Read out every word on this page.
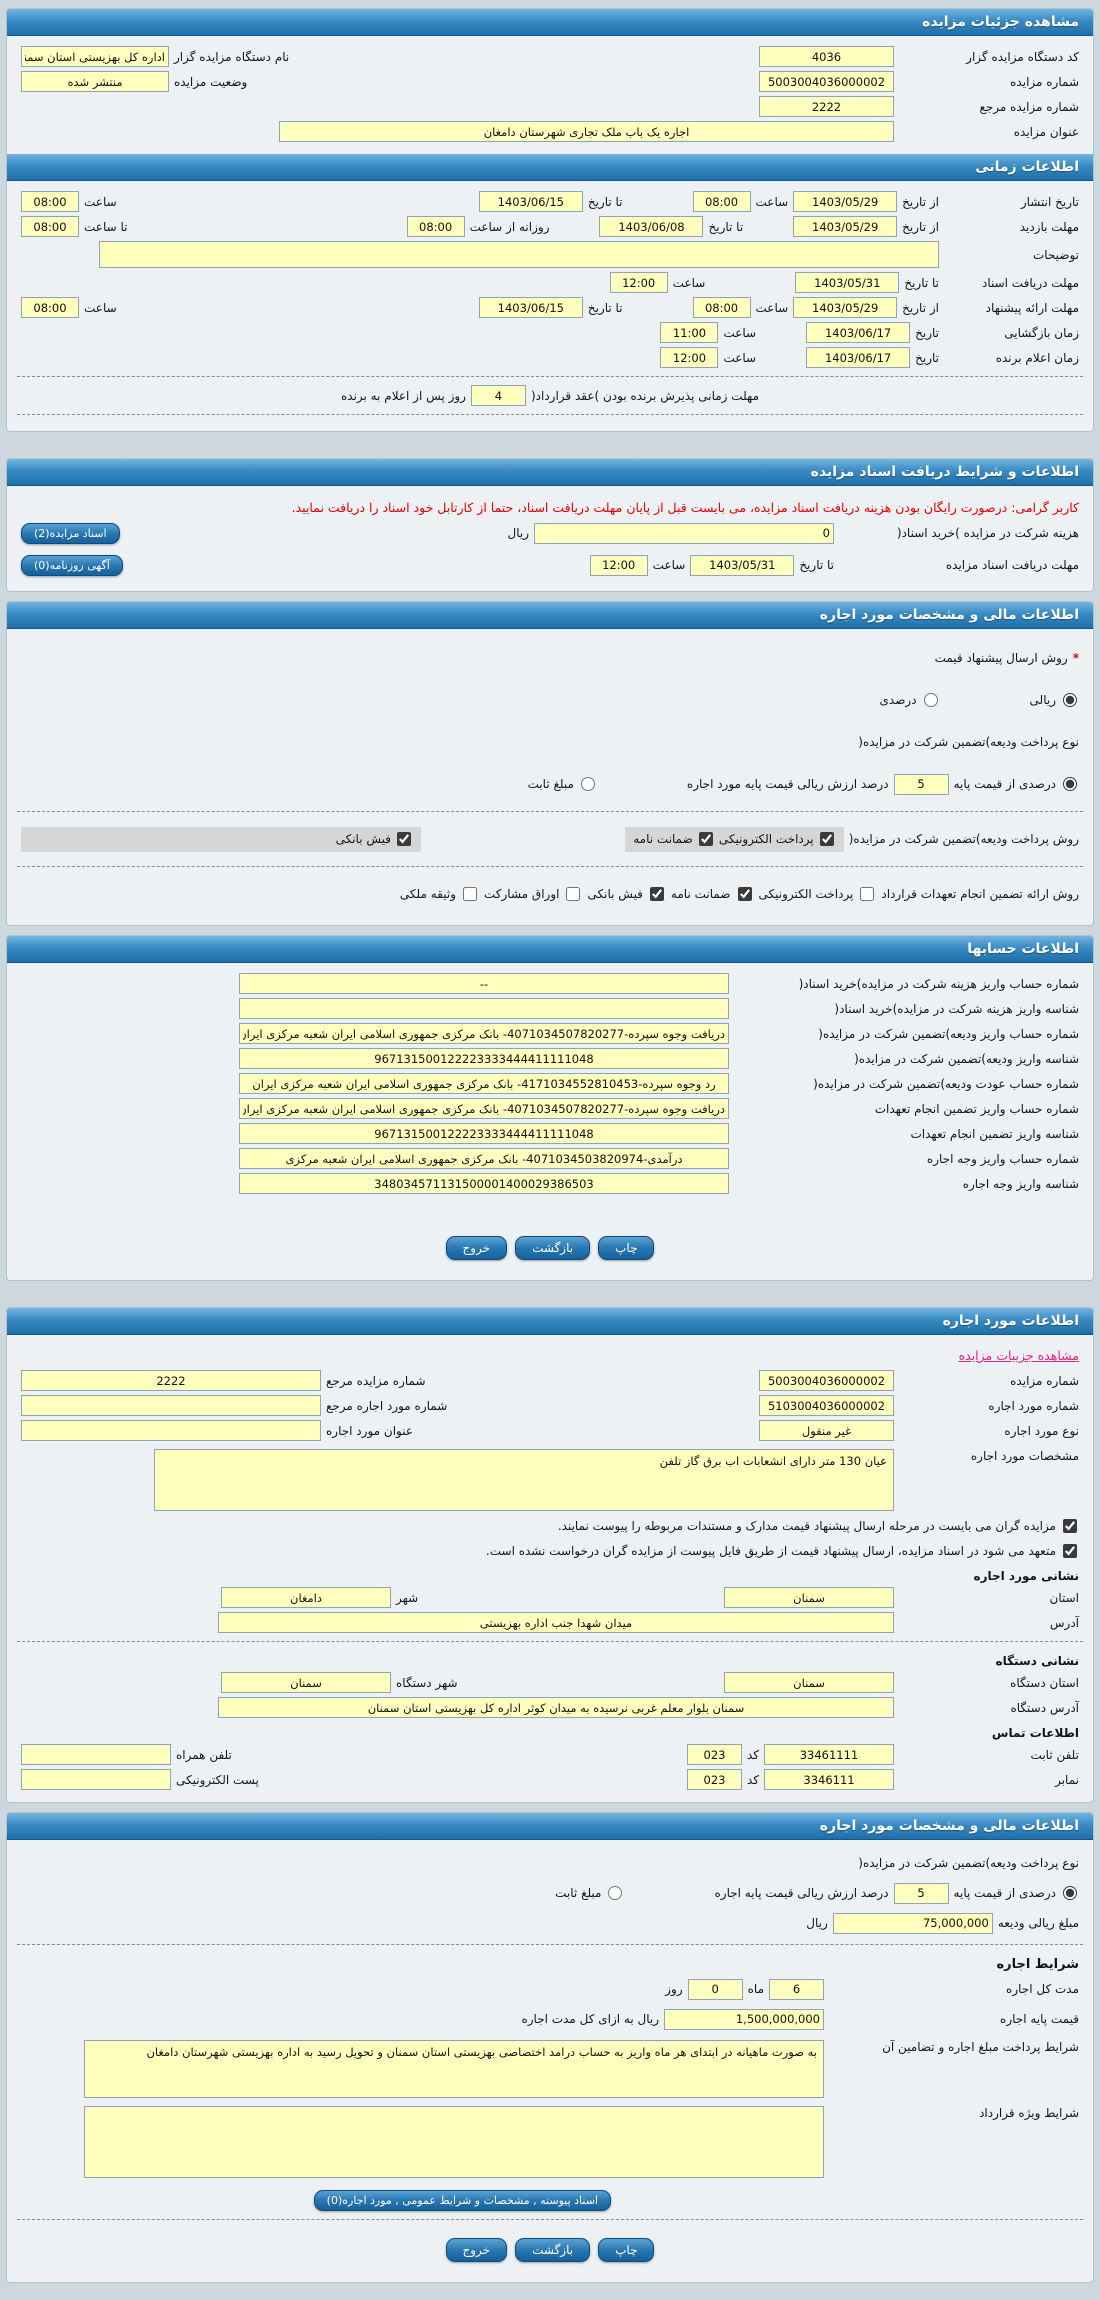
مشاهده جزئیات مزایده
کد دستگاه مزایده گزار
4036
نام دستگاه مزایده گزار
اداره کل بهزیستی استان سمنان
شماره مزایده
5003004036000002
وضعیت مزایده
منتشر شده
شماره مزایده مرجع
2222
عنوان مزایده
اجاره یک باب ملک تجاری شهرستان دامغان
اطلاعات زمانی
تاریخ انتشار
از تاریخ
1403/05/29
ساعت
08:00
تا تاریخ
1403/06/15
ساعت
08:00
مهلت بازدید
از تاریخ
1403/05/29
تا تاریخ
1403/06/08
روزانه از ساعت
08:00
تا ساعت
08:00
توضیحات
مهلت دریافت اسناد
تا تاریخ
1403/05/31
ساعت
12:00
مهلت ارائه پیشنهاد
از تاریخ
1403/05/29
ساعت
08:00
تا تاریخ
1403/06/15
ساعت
08:00
زمان بازگشایی
تاریخ
1403/06/17
ساعت
11:00
زمان اعلام برنده
تاریخ
1403/06/17
ساعت
12:00
مهلت زمانی پذیرش برنده بودن )عقد قرارداد(
4
روز پس از اعلام به برنده
اطلاعات و شرایط دریافت اسناد مزایده
کاربر گرامی: درصورت رایگان بودن هزینه دریافت اسناد مزایده، می بایست قبل از پایان مهلت دریافت اسناد، حتما از کارتابل خود اسناد را دریافت نمایید.
هزینه شرکت در مزایده )خرید اسناد(
0
ریال
اسناد مزایده(2)
مهلت دریافت اسناد مزایده
تا تاریخ
1403/05/31
ساعت
12:00
آگهی روزنامه(0)
اطلاعات مالی و مشخصات مورد اجاره
*
روش ارسال پیشنهاد قیمت
ریالی
درصدی
نوع پرداخت ودیعه)تضمین شرکت در مزایده(
درصدی از قیمت پایه
5
درصد ارزش ریالی قیمت پایه مورد اجاره
مبلغ ثابت
روش پرداخت ودیعه)تضمین شرکت در مزایده(
پرداخت الکترونیکی
ضمانت نامه
فیش بانکی
روش ارائه تضمین انجام تعهدات قرارداد
پرداخت الکترونیکی
ضمانت نامه
فیش بانکی
اوراق مشارکت
وثیقه ملکی
اطلاعات حسابها
شماره حساب واریز هزینه شرکت در مزایده)خرید اسناد(
--
شناسه واریز هزینه شرکت در مزایده)خرید اسناد(
شماره حساب واریز ودیعه)تضمین شرکت در مزایده(
دریافت وجوه سپرده-4071034507820277- بانک مرکزی جمهوری اسلامی ایران شعبه مرکزی ایران
شناسه واریز ودیعه)تضمین شرکت در مزایده(
967131500122223333444411111048
شماره حساب عودت ودیعه)تضمین شرکت در مزایده(
رد وجوه سپرده-4171034552810453- بانک مرکزی جمهوری اسلامی ایران شعبه مرکزی ایران
شماره حساب واریز تضمین انجام تعهدات
دریافت وجوه سپرده-4071034507820277- بانک مرکزی جمهوری اسلامی ایران شعبه مرکزی ایران
شناسه واریز تضمین انجام تعهدات
967131500122223333444411111048
شماره حساب واریز وجه اجاره
درآمدی-4071034503820974- بانک مرکزی جمهوری اسلامی ایران شعبه مرکزی
شناسه واریز وجه اجاره
348034571131500001400029386503
چاپ
بازگشت
خروج
اطلاعات مورد اجاره
مشاهده جزییات مزایده
شماره مزایده
5003004036000002
شماره مزایده مرجع
2222
شماره مورد اجاره
5103004036000002
شماره مورد اجاره مرجع
نوع مورد اجاره
غیر منقول
عنوان مورد اجاره
مشخصات مورد اجاره
عیان 130 متر دارای انشعابات اب برق گاز تلفن
مزایده گران می بایست در مرحله ارسال پیشنهاد قیمت مدارک و مستندات مربوطه را پیوست نمایند.
متعهد می شود در اسناد مزایده، ارسال پیشنهاد قیمت از طریق فایل پیوست از مزایده گران درخواست نشده است.
نشانی مورد اجاره
استان
سمنان
شهر
دامغان
آدرس
میدان شهدا جنب اداره بهزیستی
نشانی دستگاه
استان دستگاه
سمنان
شهر دستگاه
سمنان
آدرس دستگاه
سمنان بلوار معلم غربی نرسیده به میدان کوثر اداره کل بهزیستی استان سمنان
اطلاعات تماس
تلفن ثابت
33461111
کد
023
تلفن همراه
نمابر
3346111
کد
023
پست الکترونیکی
اطلاعات مالی و مشخصات مورد اجاره
نوع پرداخت ودیعه)تضمین شرکت در مزایده(
درصدی از قیمت پایه
5
درصد ارزش ریالی قیمت پایه اجاره
مبلغ ثابت
مبلغ ریالی ودیعه
75,000,000
ریال
شرایط اجاره
مدت کل اجاره
6
ماه
0
روز
قیمت پایه اجاره
1,500,000,000
ریال به ازای کل مدت اجاره
شرایط پرداخت مبلغ اجاره و تضامین آن
به صورت ماهیانه در ابتدای هر ماه واریز به حساب درامد اختصاصی بهزیستی استان سمنان و تحویل رسید به اداره بهزیستی شهرستان دامغان
شرایط ویژه قرارداد
اسناد پیوسته , مشخصات و شرایط عمومی , مورد اجاره(0)
چاپ
بازگشت
خروج
